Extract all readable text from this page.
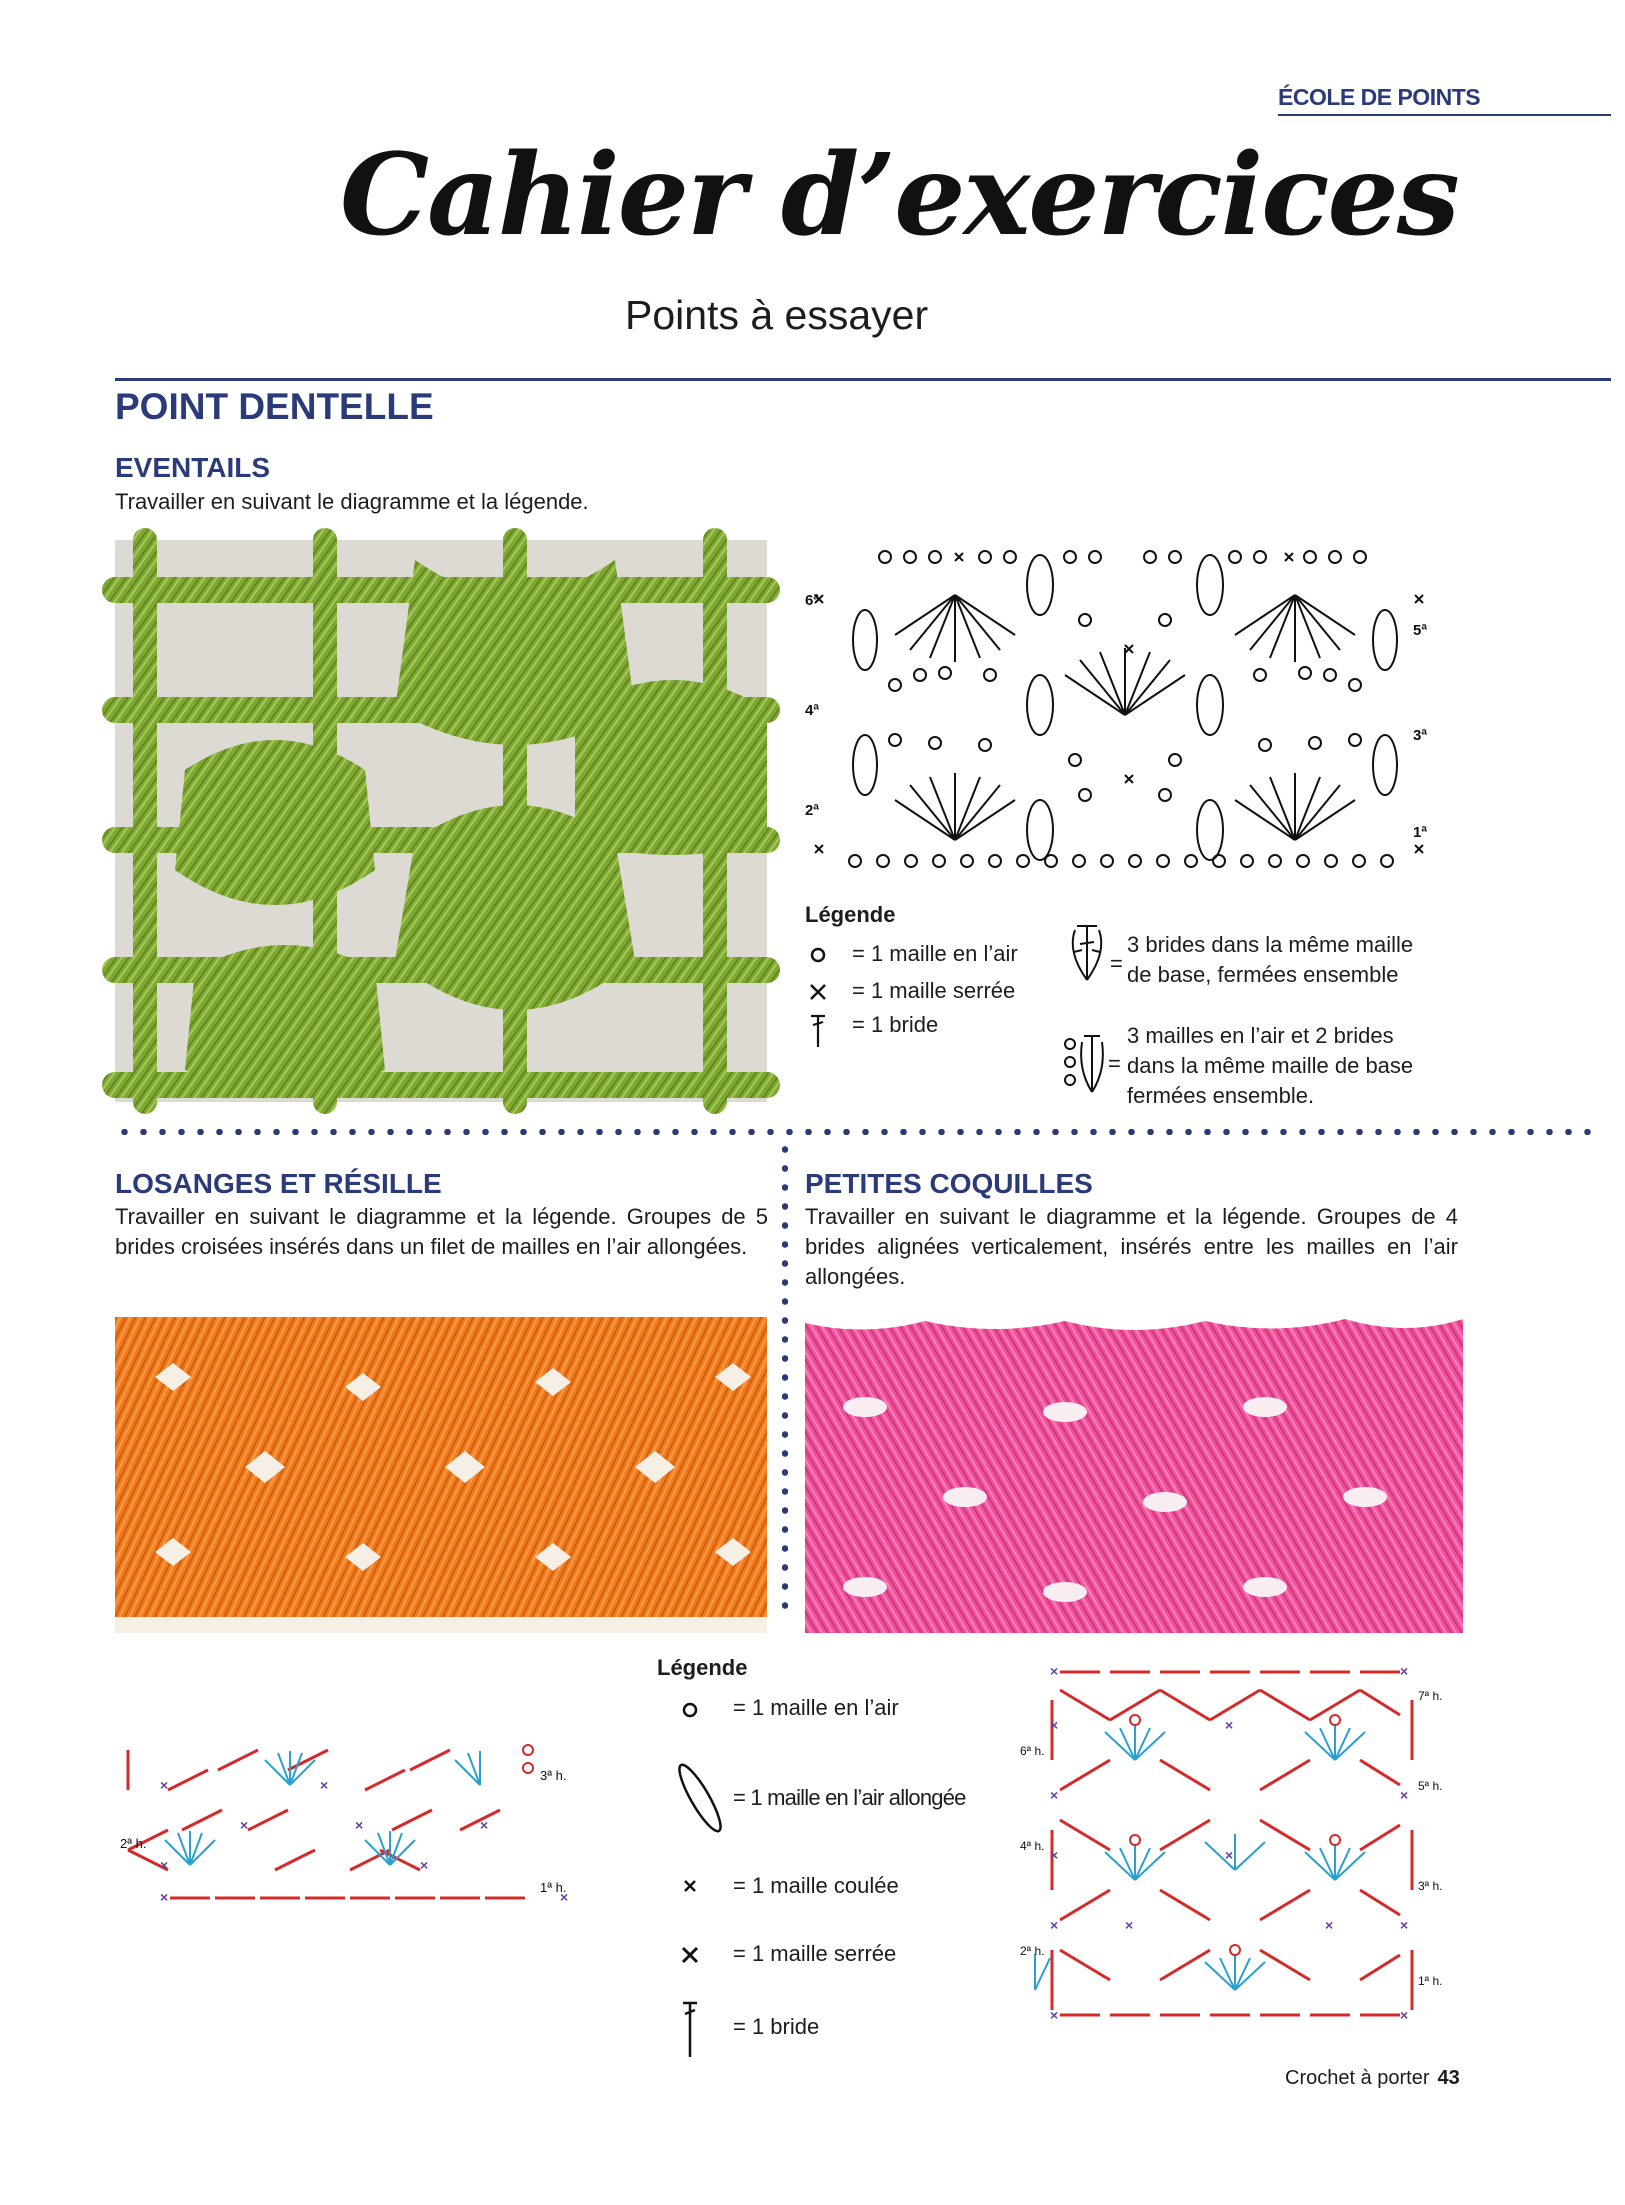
ÉCOLE DE POINTS
Cahier d’exercices
Points à essayer
POINT DENTELLE
EVENTAILS
Travailler en suivant le diagramme et la légende.
6ª
5ª
4ª
3ª
2ª
1ª
Légende
= 1 maille en l’air
= 1 maille serrée
= 1 bride
=
3 brides dans la même maille
de base, fermées ensemble
=
3 mailles en l’air et 2 brides
dans la même maille de base
fermées ensemble.
LOSANGES ET RÉSILLE
Travailler en suivant le diagramme et la légende. Groupes de 5 brides croisées insérés dans un filet de mailles en l’air allongées.
PETITES COQUILLES
Travailler en suivant le diagramme et la légende. Groupes de 4 brides alignées verticalement, insérés entre les mailles en l’air allongées.
×
×
×
×	×	×
×
×
×
3ª h.
2ª h.
1ª h.
Légende
= 1 maille en l’air
= 1 maille en l’air allongée
= 1 maille coulée
= 1 maille serrée
= 1 bride
×
×
×
×
×
×
×
×
×
×
×
×
×	×
7ª h.
6ª h.
5ª h.
4ª h.
3ª h.
2ª h.
1ª h.
Crochet à porter 43
